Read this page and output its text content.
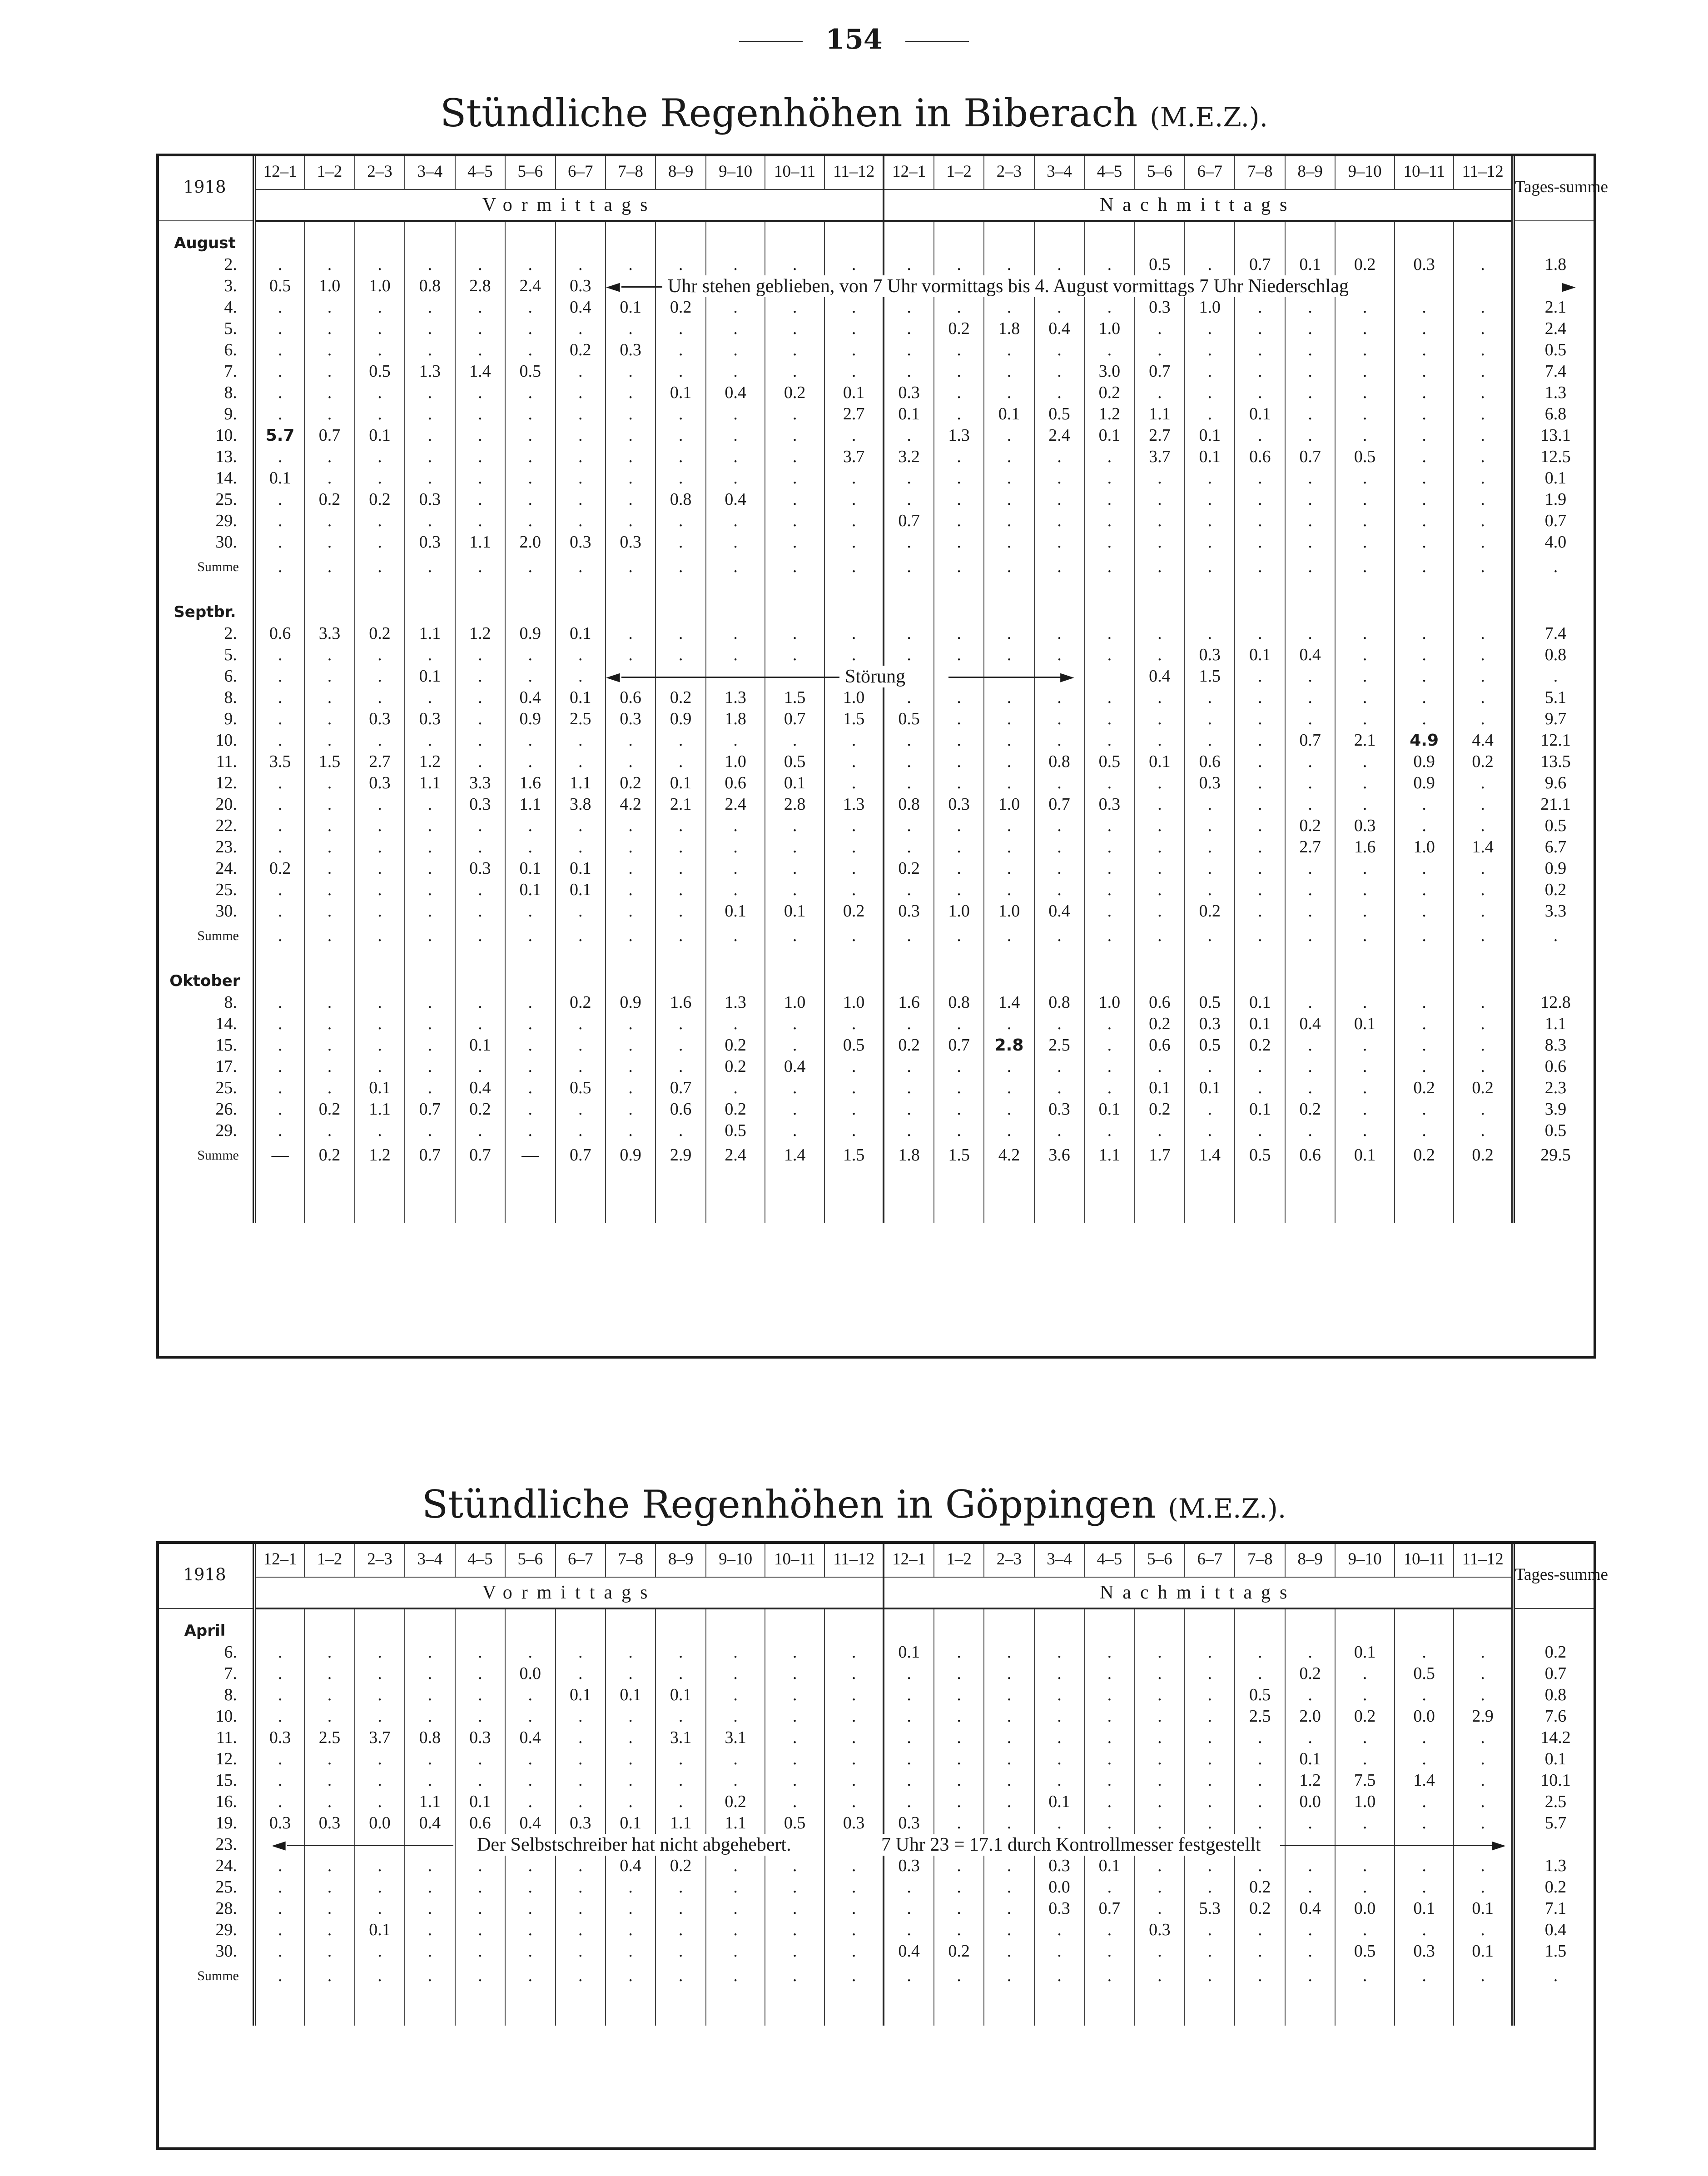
154
Stündliche Regenhöhen in Biberach (M.E.Z.).
1918	12–1	1–2	2–3	3–4	4–5	5–6	6–7	7–8	8–9	9–10	10–11	11–12	12–1	1–2	2–3	3–4	4–5	5–6	6–7	7–8	8–9	9–10	10–11	11–12	Tages-summe
	Vormittags												Nachmittags												
August																									
2.	.	.	.	.	.	.	.	.	.	.	.	.	.	.	.	.	.	0.5	.	0.7	0.1	0.2	0.3	.	1.8
3.	0.5	1.0	1.0	0.8	2.8	2.4	0.3																		
4.	.	.	.	.	.	.	0.4	0.1	0.2	.	.	.	.	.	.	.	.	0.3	1.0	.	.	.	.	.	2.1
5.	.	.	.	.	.	.	.	.	.	.	.	.	.	0.2	1.8	0.4	1.0	.	.	.	.	.	.	.	2.4
6.	.	.	.	.	.	.	0.2	0.3	.	.	.	.	.	.	.	.	.	.	.	.	.	.	.	.	0.5
7.	.	.	0.5	1.3	1.4	0.5	.	.	.	.	.	.	.	.	.	.	3.0	0.7	.	.	.	.	.	.	7.4
8.	.	.	.	.	.	.	.	.	0.1	0.4	0.2	0.1	0.3	.	.	.	0.2	.	.	.	.	.	.	.	1.3
9.	.	.	.	.	.	.	.	.	.	.	.	2.7	0.1	.	0.1	0.5	1.2	1.1	.	0.1	.	.	.	.	6.8
10.	5.7	0.7	0.1	.	.	.	.	.	.	.	.	.	.	1.3	.	2.4	0.1	2.7	0.1	.	.	.	.	.	13.1
13.	.	.	.	.	.	.	.	.	.	.	.	3.7	3.2	.	.	.	.	3.7	0.1	0.6	0.7	0.5	.	.	12.5
14.	0.1	.	.	.	.	.	.	.	.	.	.	.	.	.	.	.	.	.	.	.	.	.	.	.	0.1
25.	.	0.2	0.2	0.3	.	.	.	.	0.8	0.4	.	.	.	.	.	.	.	.	.	.	.	.	.	.	1.9
29.	.	.	.	.	.	.	.	.	.	.	.	.	0.7	.	.	.	.	.	.	.	.	.	.	.	0.7
30.	.	.	.	0.3	1.1	2.0	0.3	0.3	.	.	.	.	.	.	.	.	.	.	.	.	.	.	.	.	4.0
Summe	.	.	.	.	.	.	.	.	.	.	.	.	.	.	.	.	.	.	.	.	.	.	.	.	.
Septbr.																									
2.	0.6	3.3	0.2	1.1	1.2	0.9	0.1	.	.	.	.	.	.	.	.	.	.	.	.	.	.	.	.	.	7.4
5.	.	.	.	.	.	.	.	.	.	.	.	.	.	.	.	.	.	.	0.3	0.1	0.4	.	.	.	0.8
6.	.	.	.	0.1	.	.	.											0.4	1.5	.	.	.	.	.	.
8.	.	.	.	.	.	0.4	0.1	0.6	0.2	1.3	1.5	1.0	.	.	.	.	.	.	.	.	.	.	.	.	5.1
9.	.	.	0.3	0.3	.	0.9	2.5	0.3	0.9	1.8	0.7	1.5	0.5	.	.	.	.	.	.	.	.	.	.	.	9.7
10.	.	.	.	.	.	.	.	.	.	.	.	.	.	.	.	.	.	.	.	.	0.7	2.1	4.9	4.4	12.1
11.	3.5	1.5	2.7	1.2	.	.	.	.	.	1.0	0.5	.	.	.	.	0.8	0.5	0.1	0.6	.	.	.	0.9	0.2	13.5
12.	.	.	0.3	1.1	3.3	1.6	1.1	0.2	0.1	0.6	0.1	.	.	.	.	.	.	.	0.3	.	.	.	0.9	.	9.6
20.	.	.	.	.	0.3	1.1	3.8	4.2	2.1	2.4	2.8	1.3	0.8	0.3	1.0	0.7	0.3	.	.	.	.	.	.	.	21.1
22.	.	.	.	.	.	.	.	.	.	.	.	.	.	.	.	.	.	.	.	.	0.2	0.3	.	.	0.5
23.	.	.	.	.	.	.	.	.	.	.	.	.	.	.	.	.	.	.	.	.	2.7	1.6	1.0	1.4	6.7
24.	0.2	.	.	.	0.3	0.1	0.1	.	.	.	.	.	0.2	.	.	.	.	.	.	.	.	.	.	.	0.9
25.	.	.	.	.	.	0.1	0.1	.	.	.	.	.	.	.	.	.	.	.	.	.	.	.	.	.	0.2
30.	.	.	.	.	.	.	.	.	.	0.1	0.1	0.2	0.3	1.0	1.0	0.4	.	.	0.2	.	.	.	.	.	3.3
Summe	.	.	.	.	.	.	.	.	.	.	.	.	.	.	.	.	.	.	.	.	.	.	.	.	.
Oktober																									
8.	.	.	.	.	.	.	0.2	0.9	1.6	1.3	1.0	1.0	1.6	0.8	1.4	0.8	1.0	0.6	0.5	0.1	.	.	.	.	12.8
14.	.	.	.	.	.	.	.	.	.	.	.	.	.	.	.	.	.	0.2	0.3	0.1	0.4	0.1	.	.	1.1
15.	.	.	.	.	0.1	.	.	.	.	0.2	.	0.5	0.2	0.7	2.8	2.5	.	0.6	0.5	0.2	.	.	.	.	8.3
17.	.	.	.	.	.	.	.	.	.	0.2	0.4	.	.	.	.	.	.	.	.	.	.	.	.	.	0.6
25.	.	.	0.1	.	0.4	.	0.5	.	0.7	.	.	.	.	.	.	.	.	0.1	0.1	.	.	.	0.2	0.2	2.3
26.	.	0.2	1.1	0.7	0.2	.	.	.	0.6	0.2	.	.	.	.	.	0.3	0.1	0.2	.	0.1	0.2	.	.	.	3.9
29.	.	.	.	.	.	.	.	.	.	0.5	.	.	.	.	.	.	.	.	.	.	.	.	.	.	0.5
Summe	—	0.2	1.2	0.7	0.7	—	0.7	0.9	2.9	2.4	1.4	1.5	1.8	1.5	4.2	3.6	1.1	1.7	1.4	0.5	0.6	0.1	0.2	0.2	29.5

Stündliche Regenhöhen in Göppingen (M.E.Z.).
1918	12–1	1–2	2–3	3–4	4–5	5–6	6–7	7–8	8–9	9–10	10–11	11–12	12–1	1–2	2–3	3–4	4–5	5–6	6–7	7–8	8–9	9–10	10–11	11–12	Tages-summe
	Vormittags												Nachmittags												
April																									
6.	.	.	.	.	.	.	.	.	.	.	.	.	0.1	.	.	.	.	.	.	.	.	0.1	.	.	0.2
7.	.	.	.	.	.	0.0	.	.	.	.	.	.	.	.	.	.	.	.	.	.	0.2	.	0.5	.	0.7
8.	.	.	.	.	.	.	0.1	0.1	0.1	.	.	.	.	.	.	.	.	.	.	0.5	.	.	.	.	0.8
10.	.	.	.	.	.	.	.	.	.	.	.	.	.	.	.	.	.	.	.	2.5	2.0	0.2	0.0	2.9	7.6
11.	0.3	2.5	3.7	0.8	0.3	0.4	.	.	3.1	3.1	.	.	.	.	.	.	.	.	.	.	.	.	.	.	14.2
12.	.	.	.	.	.	.	.	.	.	.	.	.	.	.	.	.	.	.	.	.	0.1	.	.	.	0.1
15.	.	.	.	.	.	.	.	.	.	.	.	.	.	.	.	.	.	.	.	.	1.2	7.5	1.4	.	10.1
16.	.	.	.	1.1	0.1	.	.	.	.	0.2	.	.	.	.	.	0.1	.	.	.	.	0.0	1.0	.	.	2.5
19.	0.3	0.3	0.0	0.4	0.6	0.4	0.3	0.1	1.1	1.1	0.5	0.3	0.3	.	.	.	.	.	.	.	.	.	.	.	5.7
23.																									
24.	.	.	.	.	.	.	.	0.4	0.2	.	.	.	0.3	.	.	0.3	0.1	.	.	.	.	.	.	.	1.3
25.	.	.	.	.	.	.	.	.	.	.	.	.	.	.	.	0.0	.	.	.	0.2	.	.	.	.	0.2
28.	.	.	.	.	.	.	.	.	.	.	.	.	.	.	.	0.3	0.7	.	5.3	0.2	0.4	0.0	0.1	0.1	7.1
29.	.	.	0.1	.	.	.	.	.	.	.	.	.	.	.	.	.	.	0.3	.	.	.	.	.	.	0.4
30.	.	.	.	.	.	.	.	.	.	.	.	.	0.4	0.2	.	.	.	.	.	.	.	0.5	0.3	0.1	1.5
Summe	.	.	.	.	.	.	.	.	.	.	.	.	.	.	.	.	.	.	.	.	.	.	.	.	.

◄	Uhr stehen geblieben, von 7 Uhr vormittags bis 4. August vormittags 7 Uhr Niederschlag	►
◄	Störung	►
◄	Der Selbstschreiber hat nicht abgehebert.	7 Uhr 23 = 17.1 durch Kontrollmesser festgestellt	►
